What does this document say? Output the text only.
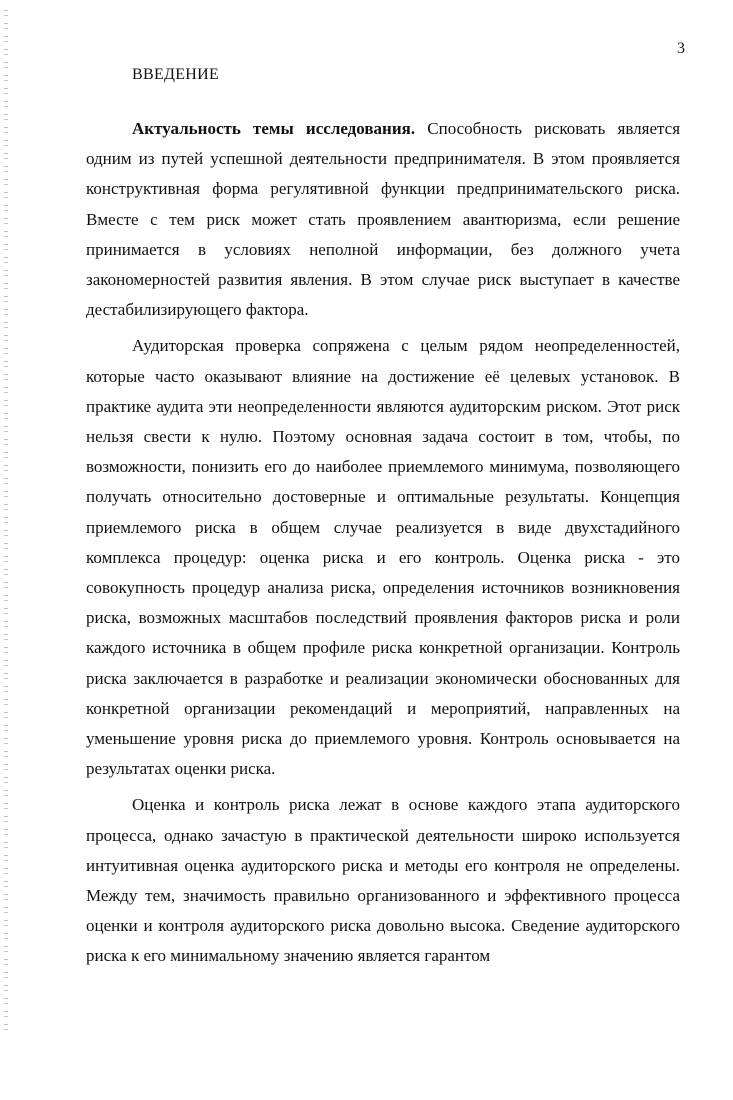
3
ВВЕДЕНИЕ

Актуальность темы исследования. Способность рисковать является одним из путей успешной деятельности предпринимателя. В этом проявляется конструктивная форма регулятивной функции предпринимательского риска. Вместе с тем риск может стать проявлением авантюризма, если решение принимается в условиях неполной информации, без должного учета закономерностей развития явления. В этом случае риск выступает в качестве дестабилизирующего фактора.

Аудиторская проверка сопряжена с целым рядом неопределенностей, которые часто оказывают влияние на достижение её целевых установок. В практике аудита эти неопределенности являются аудиторским риском. Этот риск нельзя свести к нулю. Поэтому основная задача состоит в том, чтобы, по возможности, понизить его до наиболее приемлемого минимума, позволяющего получать относительно достоверные и оптимальные результаты. Концепция приемлемого риска в общем случае реализуется в виде двухстадийного комплекса процедур: оценка риска и его контроль. Оценка риска - это совокупность процедур анализа риска, определения источников возникновения риска, возможных масштабов последствий проявления факторов риска и роли каждого источника в общем профиле риска конкретной организации. Контроль риска заключается в разработке и реализации экономически обоснованных для конкретной организации рекомендаций и мероприятий, направленных на уменьшение уровня риска до приемлемого уровня. Контроль основывается на результатах оценки риска.

Оценка и контроль риска лежат в основе каждого этапа аудиторского процесса, однако зачастую в практической деятельности широко используется интуитивная оценка аудиторского риска и методы его контроля не определены. Между тем, значимость правильно организованного и эффективного процесса оценки и контроля аудиторского риска довольно высока. Сведение аудиторского риска к его минимальному значению является гарантом
